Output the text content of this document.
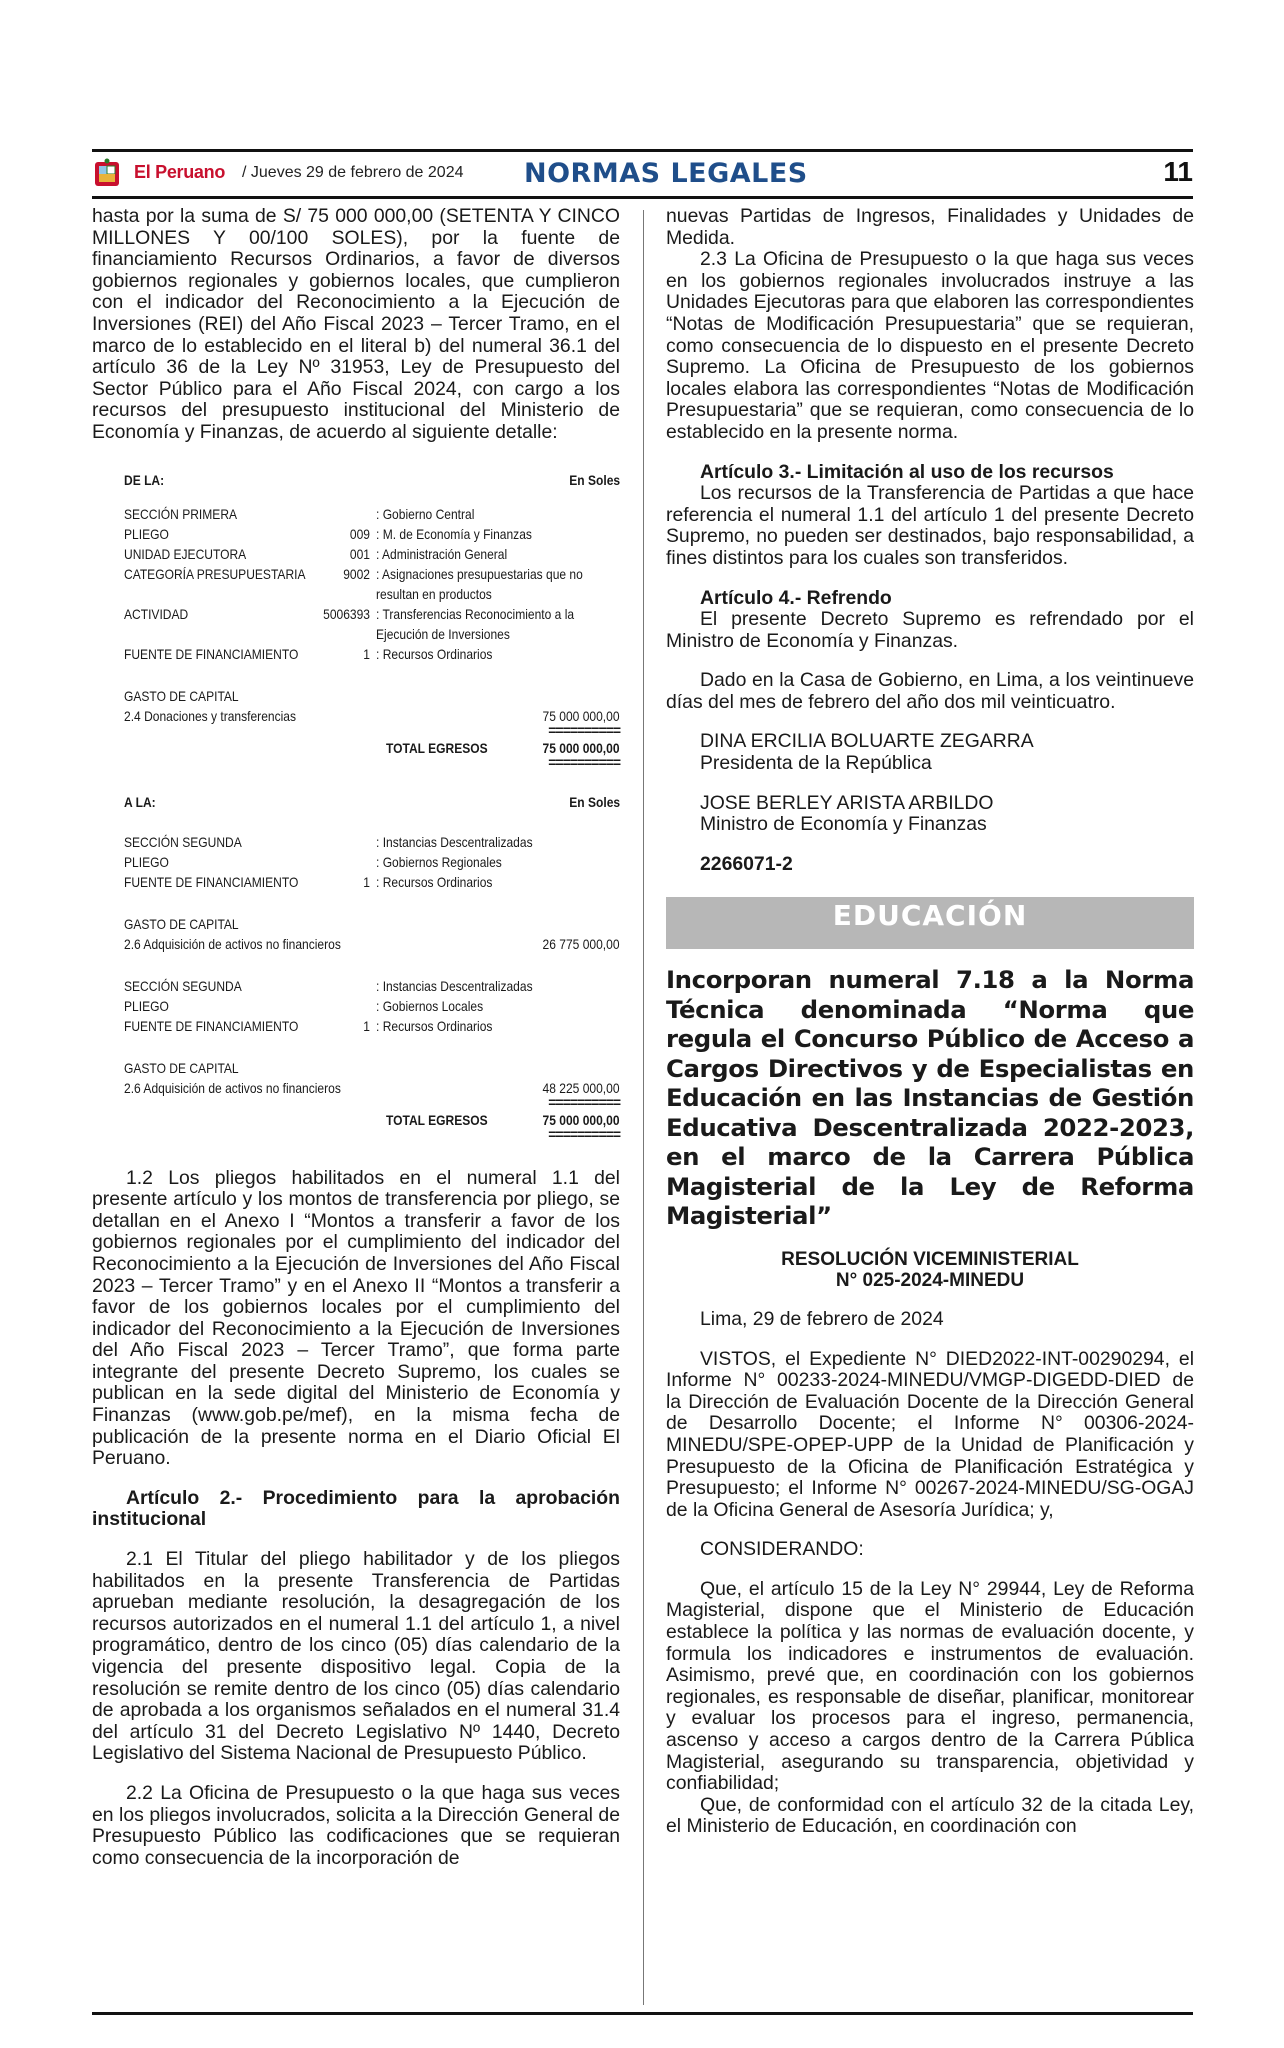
El Peruano / Jueves 29 de febrero de 2024 NORMAS LEGALES	11

hasta por la suma de S/ 75 000 000,00 (SETENTA Y CINCO MILLONES Y 00/100 SOLES), por la fuente de financiamiento Recursos Ordinarios, a favor de diversos gobiernos regionales y gobiernos locales, que cumplieron con el indicador del Reconocimiento a la Ejecución de Inversiones (REI) del Año Fiscal 2023 – Tercer Tramo, en el marco de lo establecido en el literal b) del numeral 36.1 del artículo 36 de la Ley Nº 31953, Ley de Presupuesto del Sector Público para el Año Fiscal 2024, con cargo a los recursos del presupuesto institucional del Ministerio de Economía y Finanzas, de acuerdo al siguiente detalle:

DE LA:	En Soles
SECCIÓN PRIMERA	: Gobierno Central
PLIEGO	009 : M. de Economía y Finanzas
UNIDAD EJECUTORA	001 : Administración General
CATEGORÍA PRESUPUESTARIA	9002 : Asignaciones presupuestarias que no resultan en productos
ACTIVIDAD	5006393 : Transferencias Reconocimiento a la Ejecución de Inversiones
FUENTE DE FINANCIAMIENTO	1 : Recursos Ordinarios
GASTO DE CAPITAL
2.4 Donaciones y transferencias	75 000 000,00
==========
TOTAL EGRESOS	75 000 000,00
==========
A LA:	En Soles
SECCIÓN SEGUNDA	: Instancias Descentralizadas
PLIEGO	: Gobiernos Regionales
FUENTE DE FINANCIAMIENTO	1 : Recursos Ordinarios
GASTO DE CAPITAL
2.6 Adquisición de activos no financieros	26 775 000,00
SECCIÓN SEGUNDA	: Instancias Descentralizadas
PLIEGO	: Gobiernos Locales
FUENTE DE FINANCIAMIENTO	1 : Recursos Ordinarios
GASTO DE CAPITAL
2.6 Adquisición de activos no financieros	48 225 000,00
==========
TOTAL EGRESOS	75 000 000,00
==========

1.2 Los pliegos habilitados en el numeral 1.1 del presente artículo y los montos de transferencia por pliego, se detallan en el Anexo I “Montos a transferir a favor de los gobiernos regionales por el cumplimiento del indicador del Reconocimiento a la Ejecución de Inversiones del Año Fiscal 2023 – Tercer Tramo” y en el Anexo II “Montos a transferir a favor de los gobiernos locales por el cumplimiento del indicador del Reconocimiento a la Ejecución de Inversiones del Año Fiscal 2023 – Tercer Tramo”, que forma parte integrante del presente Decreto Supremo, los cuales se publican en la sede digital del Ministerio de Economía y Finanzas (www.gob.pe/mef), en la misma fecha de publicación de la presente norma en el Diario Oficial El Peruano.

Artículo 2.- Procedimiento para la aprobación institucional

2.1 El Titular del pliego habilitador y de los pliegos habilitados en la presente Transferencia de Partidas aprueban mediante resolución, la desagregación de los recursos autorizados en el numeral 1.1 del artículo 1, a nivel programático, dentro de los cinco (05) días calendario de la vigencia del presente dispositivo legal. Copia de la resolución se remite dentro de los cinco (05) días calendario de aprobada a los organismos señalados en el numeral 31.4 del artículo 31 del Decreto Legislativo Nº 1440, Decreto Legislativo del Sistema Nacional de Presupuesto Público.

2.2 La Oficina de Presupuesto o la que haga sus veces en los pliegos involucrados, solicita a la Dirección General de Presupuesto Público las codificaciones que se requieran como consecuencia de la incorporación de

nuevas Partidas de Ingresos, Finalidades y Unidades de Medida.

2.3 La Oficina de Presupuesto o la que haga sus veces en los gobiernos regionales involucrados instruye a las Unidades Ejecutoras para que elaboren las correspondientes “Notas de Modificación Presupuestaria” que se requieran, como consecuencia de lo dispuesto en el presente Decreto Supremo. La Oficina de Presupuesto de los gobiernos locales elabora las correspondientes “Notas de Modificación Presupuestaria” que se requieran, como consecuencia de lo establecido en la presente norma.

Artículo 3.- Limitación al uso de los recursos

Los recursos de la Transferencia de Partidas a que hace referencia el numeral 1.1 del artículo 1 del presente Decreto Supremo, no pueden ser destinados, bajo responsabilidad, a fines distintos para los cuales son transferidos.

Artículo 4.- Refrendo

El presente Decreto Supremo es refrendado por el Ministro de Economía y Finanzas.

Dado en la Casa de Gobierno, en Lima, a los veintinueve días del mes de febrero del año dos mil veinticuatro.

DINA ERCILIA BOLUARTE ZEGARRA

Presidenta de la República

JOSE BERLEY ARISTA ARBILDO

Ministro de Economía y Finanzas

2266071-2

EDUCACIÓN

Incorporan numeral 7.18 a la Norma Técnica denominada “Norma que regula el Concurso Público de Acceso a Cargos Directivos y de Especialistas en Educación en las Instancias de Gestión Educativa Descentralizada 2022-2023, en el marco de la Carrera Pública Magisterial de la Ley de Reforma Magisterial”

RESOLUCIÓN VICEMINISTERIAL

N° 025-2024-MINEDU

Lima, 29 de febrero de 2024

VISTOS, el Expediente N° DIED2022-INT-00290294, el Informe N° 00233-2024-MINEDU/VMGP-DIGEDD-DIED de la Dirección de Evaluación Docente de la Dirección General de Desarrollo Docente; el Informe N° 00306-2024-MINEDU/SPE-OPEP-UPP de la Unidad de Planificación y Presupuesto de la Oficina de Planificación Estratégica y Presupuesto; el Informe N° 00267-2024-MINEDU/SG-OGAJ de la Oficina General de Asesoría Jurídica; y,

CONSIDERANDO:

Que, el artículo 15 de la Ley N° 29944, Ley de Reforma Magisterial, dispone que el Ministerio de Educación establece la política y las normas de evaluación docente, y formula los indicadores e instrumentos de evaluación. Asimismo, prevé que, en coordinación con los gobiernos regionales, es responsable de diseñar, planificar, monitorear y evaluar los procesos para el ingreso, permanencia, ascenso y acceso a cargos dentro de la Carrera Pública Magisterial, asegurando su transparencia, objetividad y confiabilidad;

Que, de conformidad con el artículo 32 de la citada Ley, el Ministerio de Educación, en coordinación con
